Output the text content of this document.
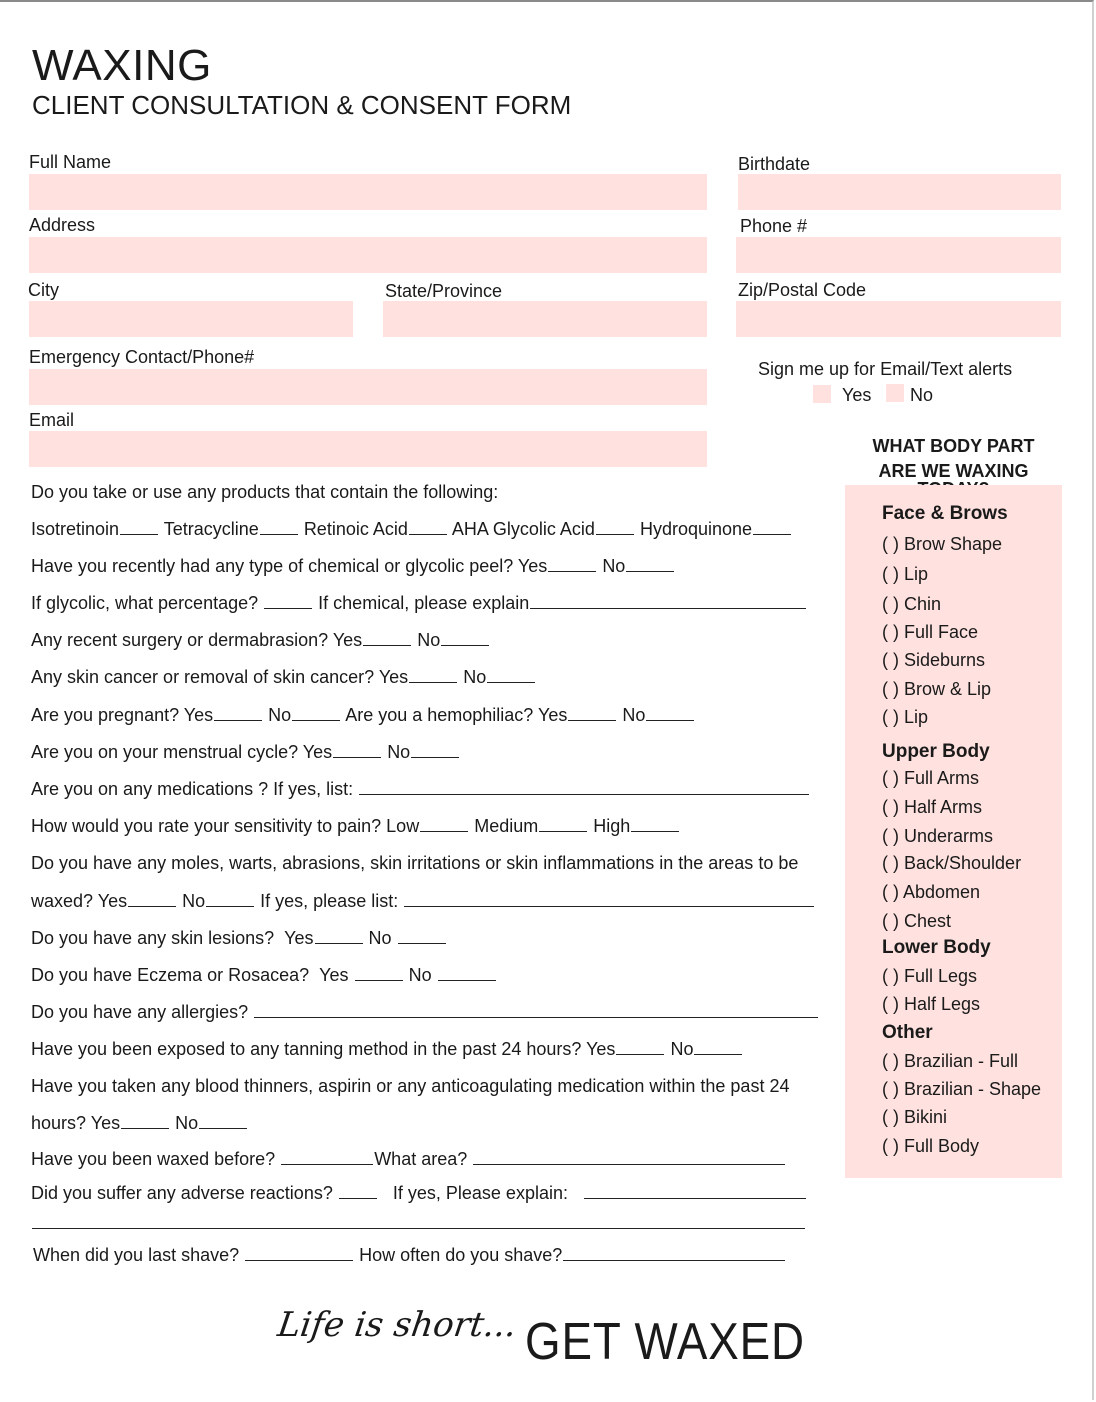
WAXING
CLIENT CONSULTATION & CONSENT FORM
Full Name	Birthdate
Address	Phone #
City	State/Province	Zip/Postal Code
Emergency Contact/Phone#
Email
Sign me up for Email/Text alerts
Yes No
Do you take or use any products that contain the following:
Isotretinoin Tetracycline	Retinoic Acid AHA Glycolic Acid	Hydroquinone
Have you recently had any type of chemical or glycolic peel? Yes	No
If glycolic, what percentage?	If chemical, please explain
Any recent surgery or dermabrasion? Yes	No
Any skin cancer or removal of skin cancer? Yes	No
Are you pregnant? Yes	No	Are you a hemophiliac? Yes	No
Are you on your menstrual cycle? Yes	No
Are you on any medications ? If yes, list:
How would you rate your sensitivity to pain? Low	Medium	High
Do you have any moles, warts, abrasions, skin irritations or skin inflammations in the areas to be
waxed? Yes	No	If yes, please list:
Do you have any skin lesions? Yes	No
Do you have Eczema or Rosacea? Yes	No
Do you have any allergies?
Have you been exposed to any tanning method in the past 24 hours? Yes	No
Have you taken any blood thinners, aspirin or any anticoagulating medication within the past 24
hours? Yes	No
Have you been waxed before?	What area?
Did you suffer any adverse reactions?	If yes, Please explain:
When did you last shave?	How often do you shave?
WHAT BODY PART
ARE WE WAXING
Face & Brows
( ) Brow Shape
( ) Lip
( ) Chin
( ) Full Face
( ) Sideburns
( ) Brow & Lip
( ) Lip
Upper Body
( ) Full Arms
( ) Half Arms
( ) Underarms
( ) Back/Shoulder
( ) Abdomen
( ) Chest
Lower Body
( ) Full Legs
( ) Half Legs
Other
( ) Brazilian - Full
( ) Brazilian - Shape
( ) Bikini
( ) Full Body
Life is short... GET WAXED
